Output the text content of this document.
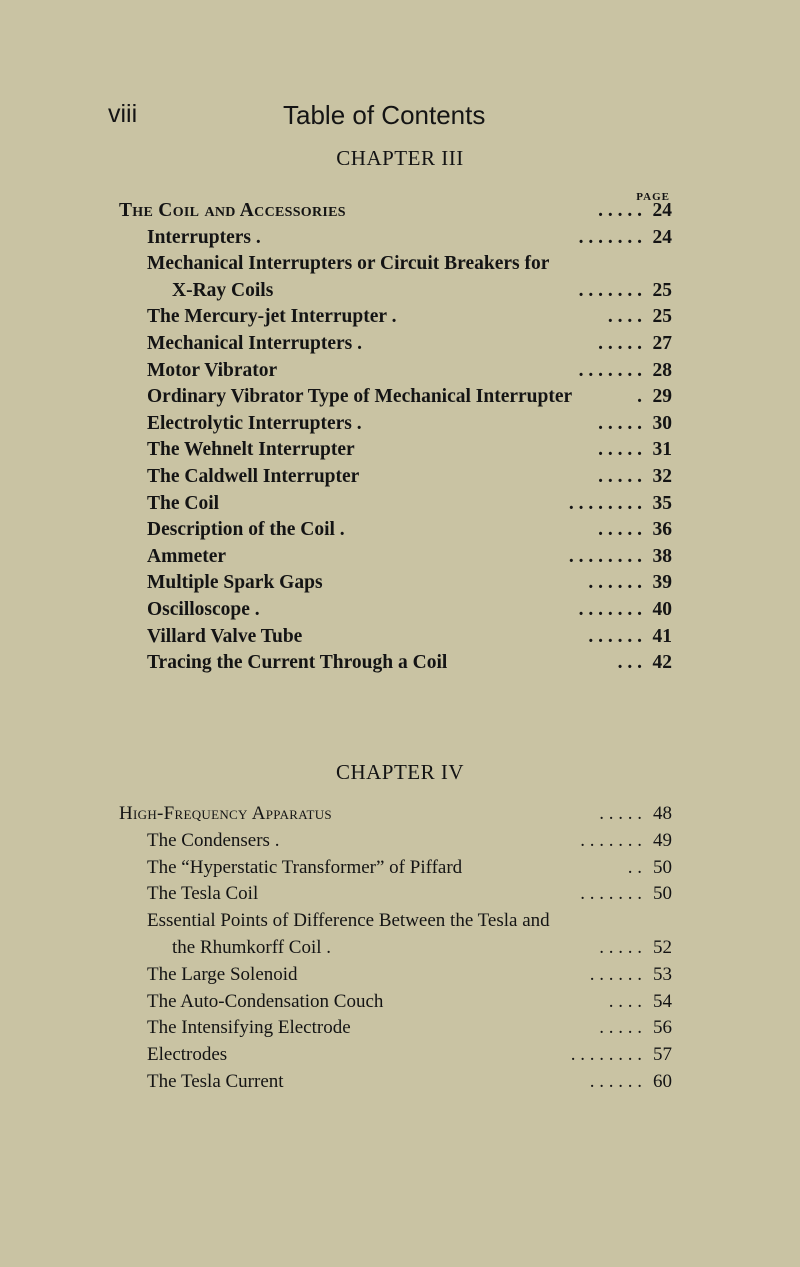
viii	Table of Contents
CHAPTER III
PAGE
The Coil and Accessories	. . . . . 24
Interrupters .	. . . . . . . 24
Mechanical Interrupters or Circuit Breakers for
X-Ray Coils	. . . . . . . 25
The Mercury-jet Interrupter .	. . . . 25
Mechanical Interrupters .	. . . . . 27
Motor Vibrator	. . . . . . . 28
Ordinary Vibrator Type of Mechanical Interrupter	. 29
Electrolytic Interrupters .	. . . . . 30
The Wehnelt Interrupter	. . . . . 31
The Caldwell Interrupter	. . . . . 32
The Coil	. . . . . . . . 35
Description of the Coil .	. . . . . 36
Ammeter	. . . . . . . . 38
Multiple Spark Gaps	. . . . . . 39
Oscilloscope .	. . . . . . . 40
Villard Valve Tube	. . . . . . 41
Tracing the Current Through a Coil	. . . 42
CHAPTER IV
High-Frequency Apparatus	. . . . . 48
The Condensers .	. . . . . . . 49
The “Hyperstatic Transformer” of Piffard	. . 50
The Tesla Coil	. . . . . . . 50
Essential Points of Difference Between the Tesla and
the Rhumkorff Coil .	. . . . . 52
The Large Solenoid	. . . . . . 53
The Auto-Condensation Couch	. . . . 54
The Intensifying Electrode	. . . . . 56
Electrodes	. . . . . . . . 57
The Tesla Current	. . . . . . 60
